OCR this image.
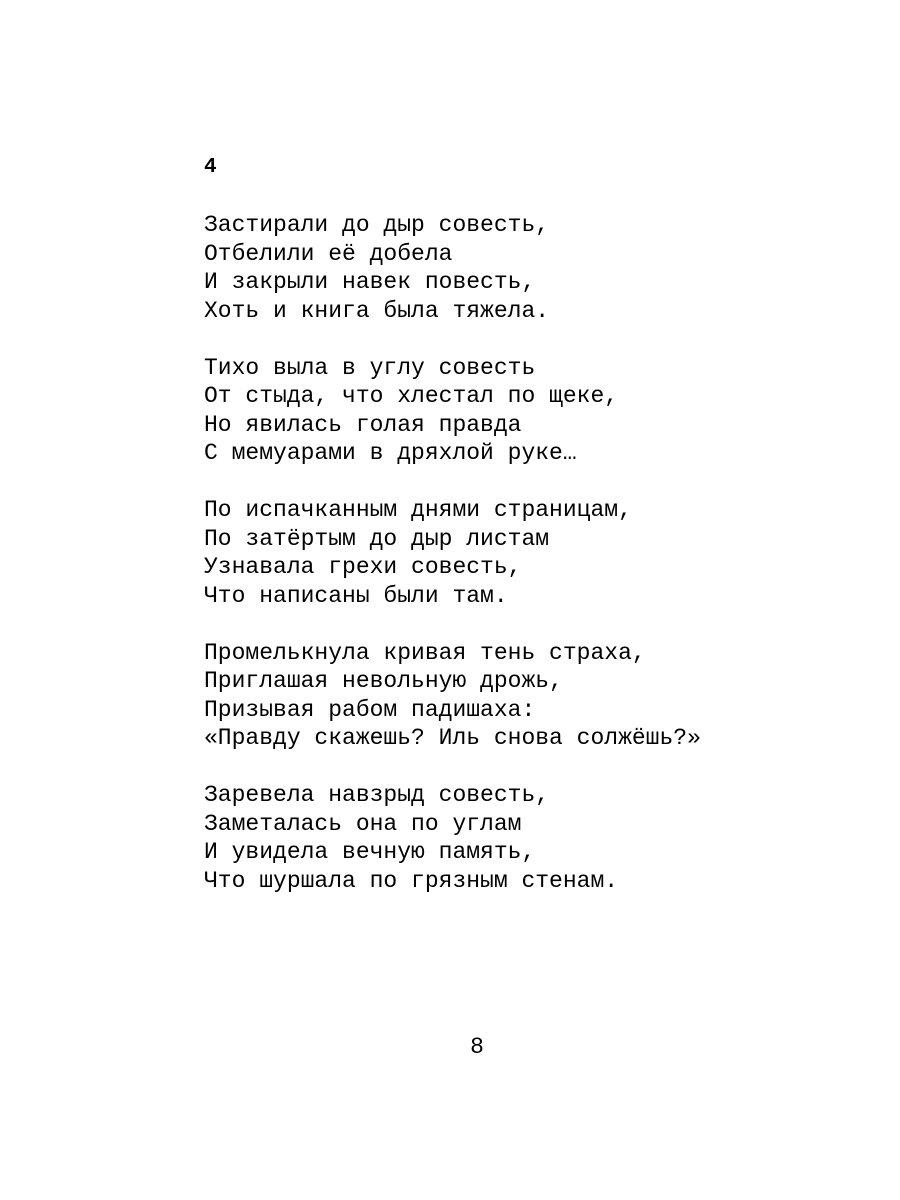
4
Застирали до дыр совесть,
Отбелили её добела
И закрыли навек повесть,
Хоть и книга была тяжела.
Тихо выла в углу совесть
От стыда, что хлестал по щеке,
Но явилась голая правда
С мемуарами в дряхлой руке…
По испачканным днями страницам,
По затёртым до дыр листам
Узнавала грехи совесть,
Что написаны были там.
Промелькнула кривая тень страха,
Приглашая невольную дрожь,
Призывая рабом падишаха:
«Правду скажешь? Иль снова солжёшь?»
Заревела навзрыд совесть,
Заметалась она по углам
И увидела вечную память,
Что шуршала по грязным стенам.
8
